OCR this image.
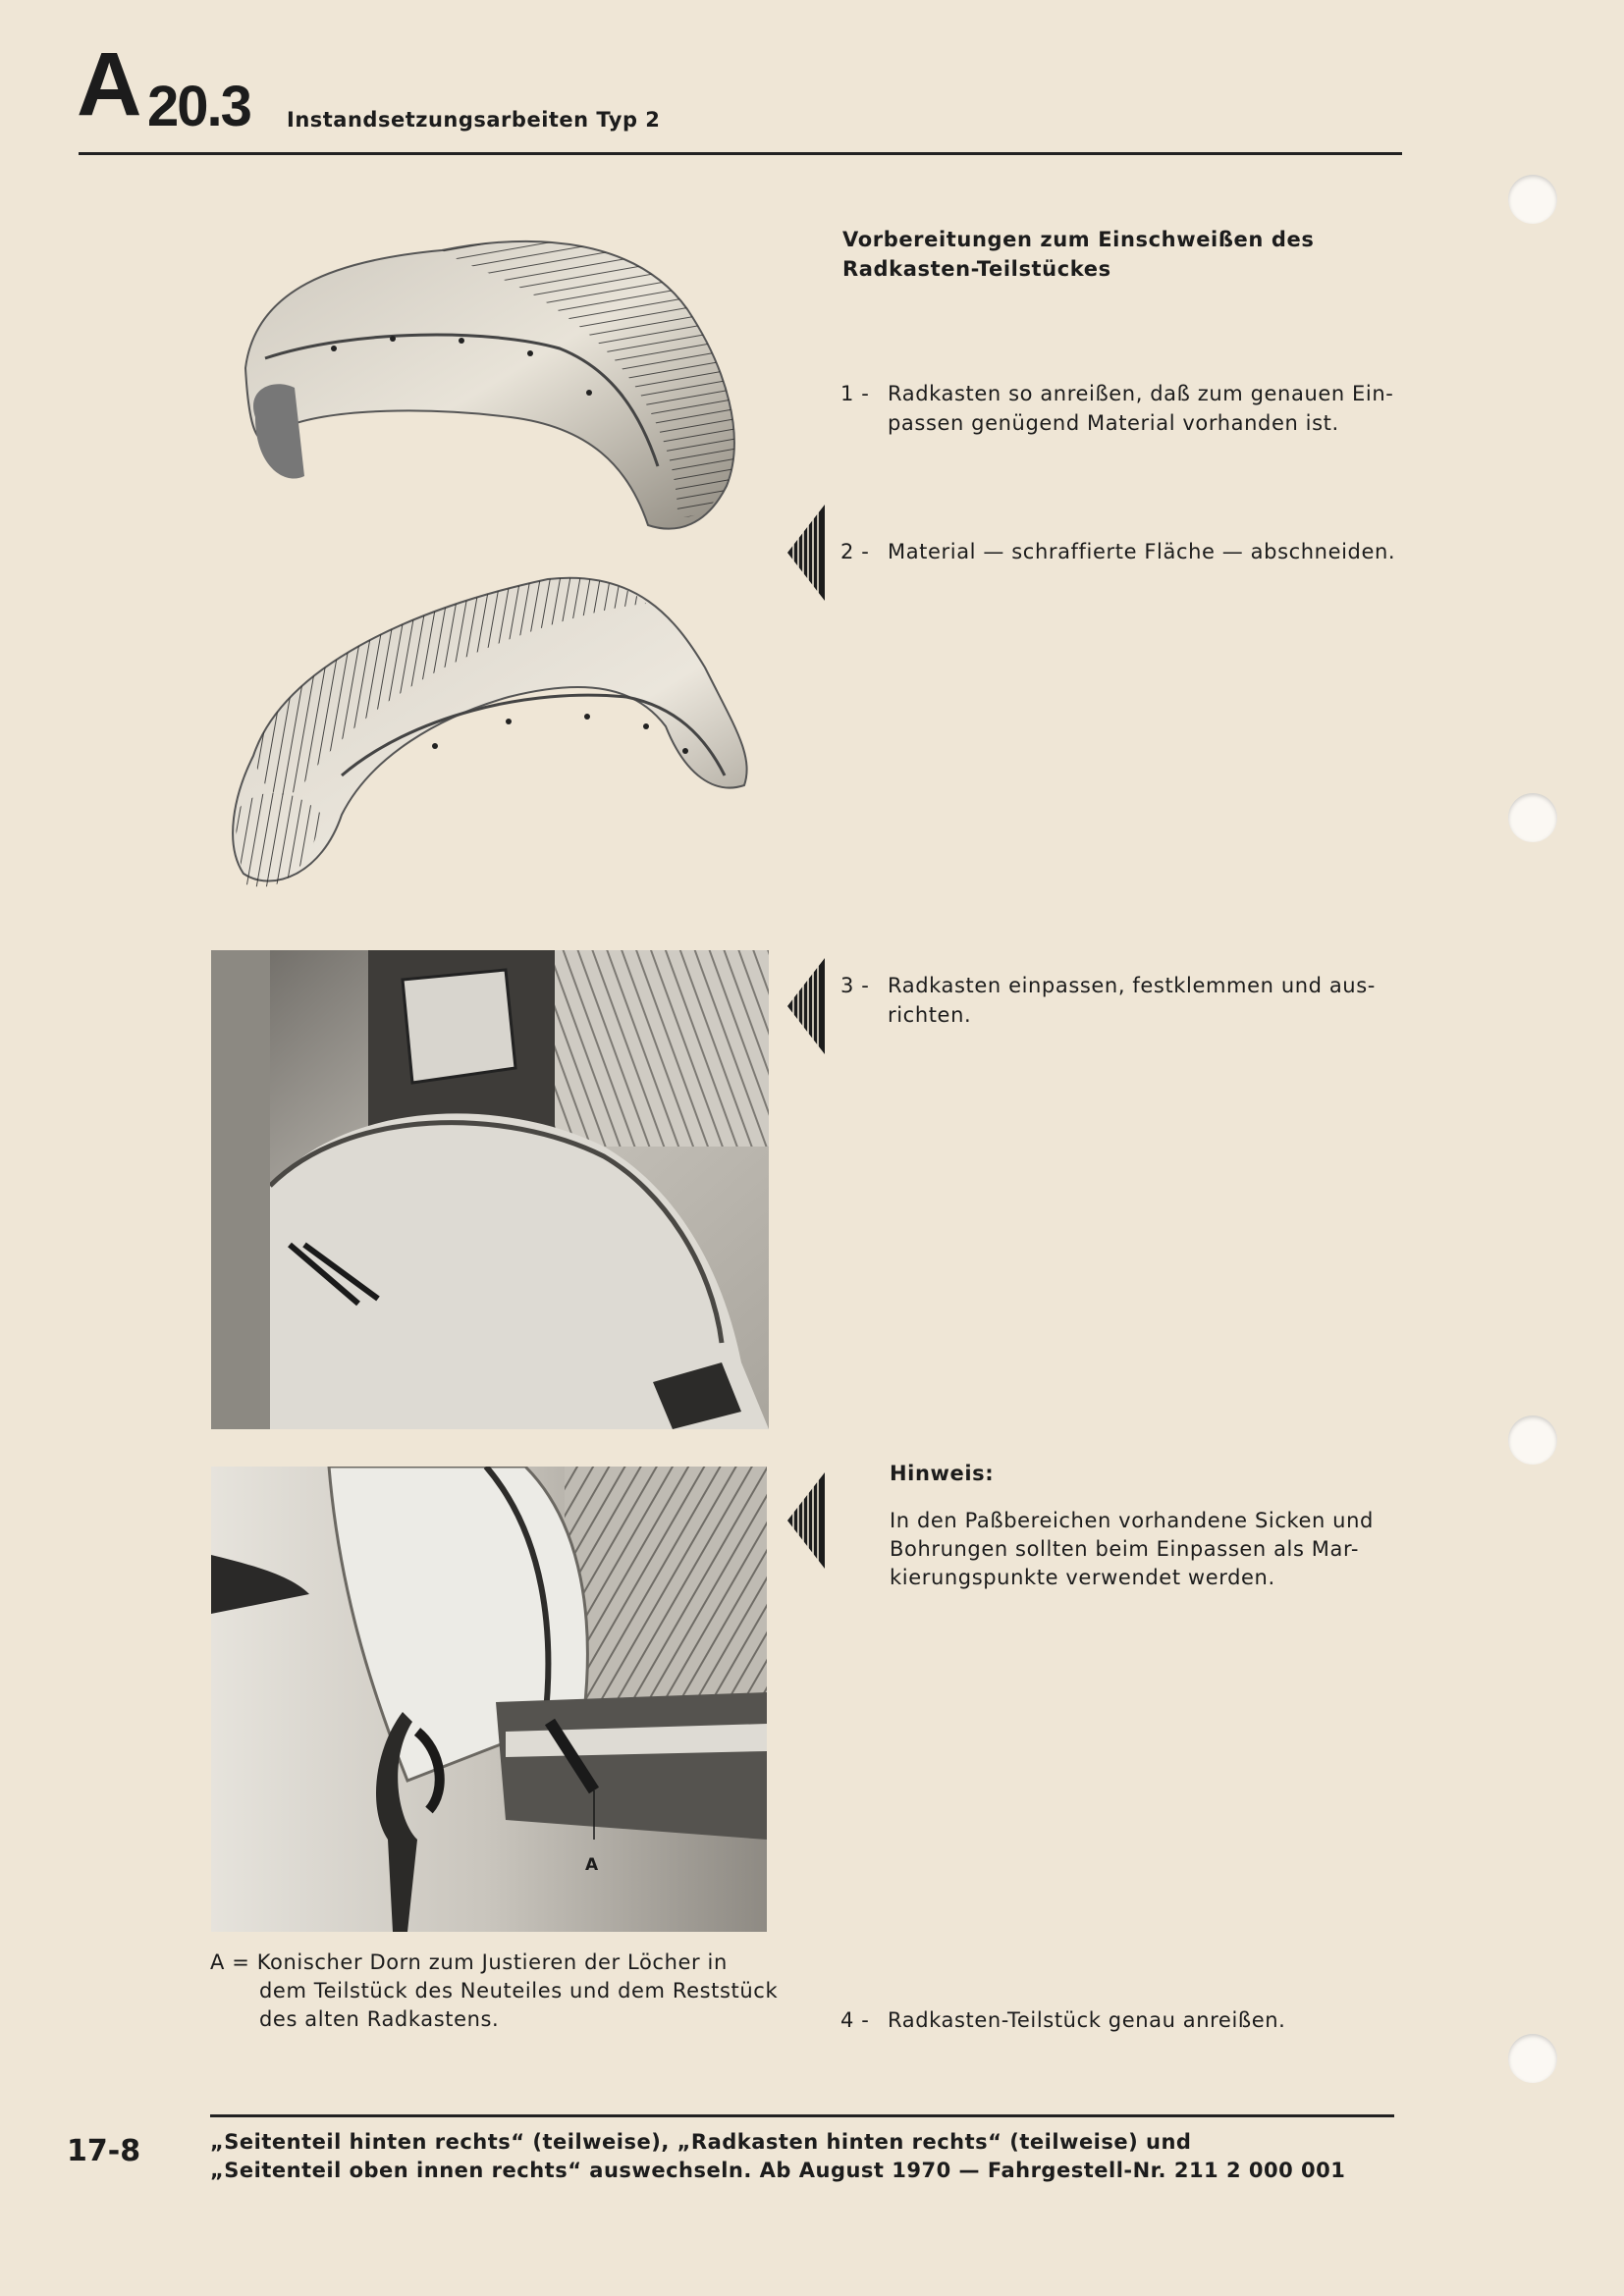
A 20.3 Instandsetzungsarbeiten Typ 2
Vorbereitungen zum Einschweißen des
Radkasten-Teilstückes
1 - Radkasten so anreißen, daß zum genauen Ein-
passen genügend Material vorhanden ist.
2 - Material — schraffierte Fläche — abschneiden.
3 - Radkasten einpassen, festklemmen und aus-
richten.
Hinweis:
In den Paßbereichen vorhandene Sicken und
Bohrungen sollten beim Einpassen als Mar-
kierungspunkte verwendet werden.
4 - Radkasten-Teilstück genau anreißen.
A
A = Konischer Dorn zum Justieren der Löcher in
dem Teilstück des Neuteiles und dem Reststück
des alten Radkastens.
17-8	„Seitenteil hinten rechts“ (teilweise), „Radkasten hinten rechts“ (teilweise) und
„Seitenteil oben innen rechts“ auswechseln. Ab August 1970 — Fahrgestell-Nr. 211 2 000 001
